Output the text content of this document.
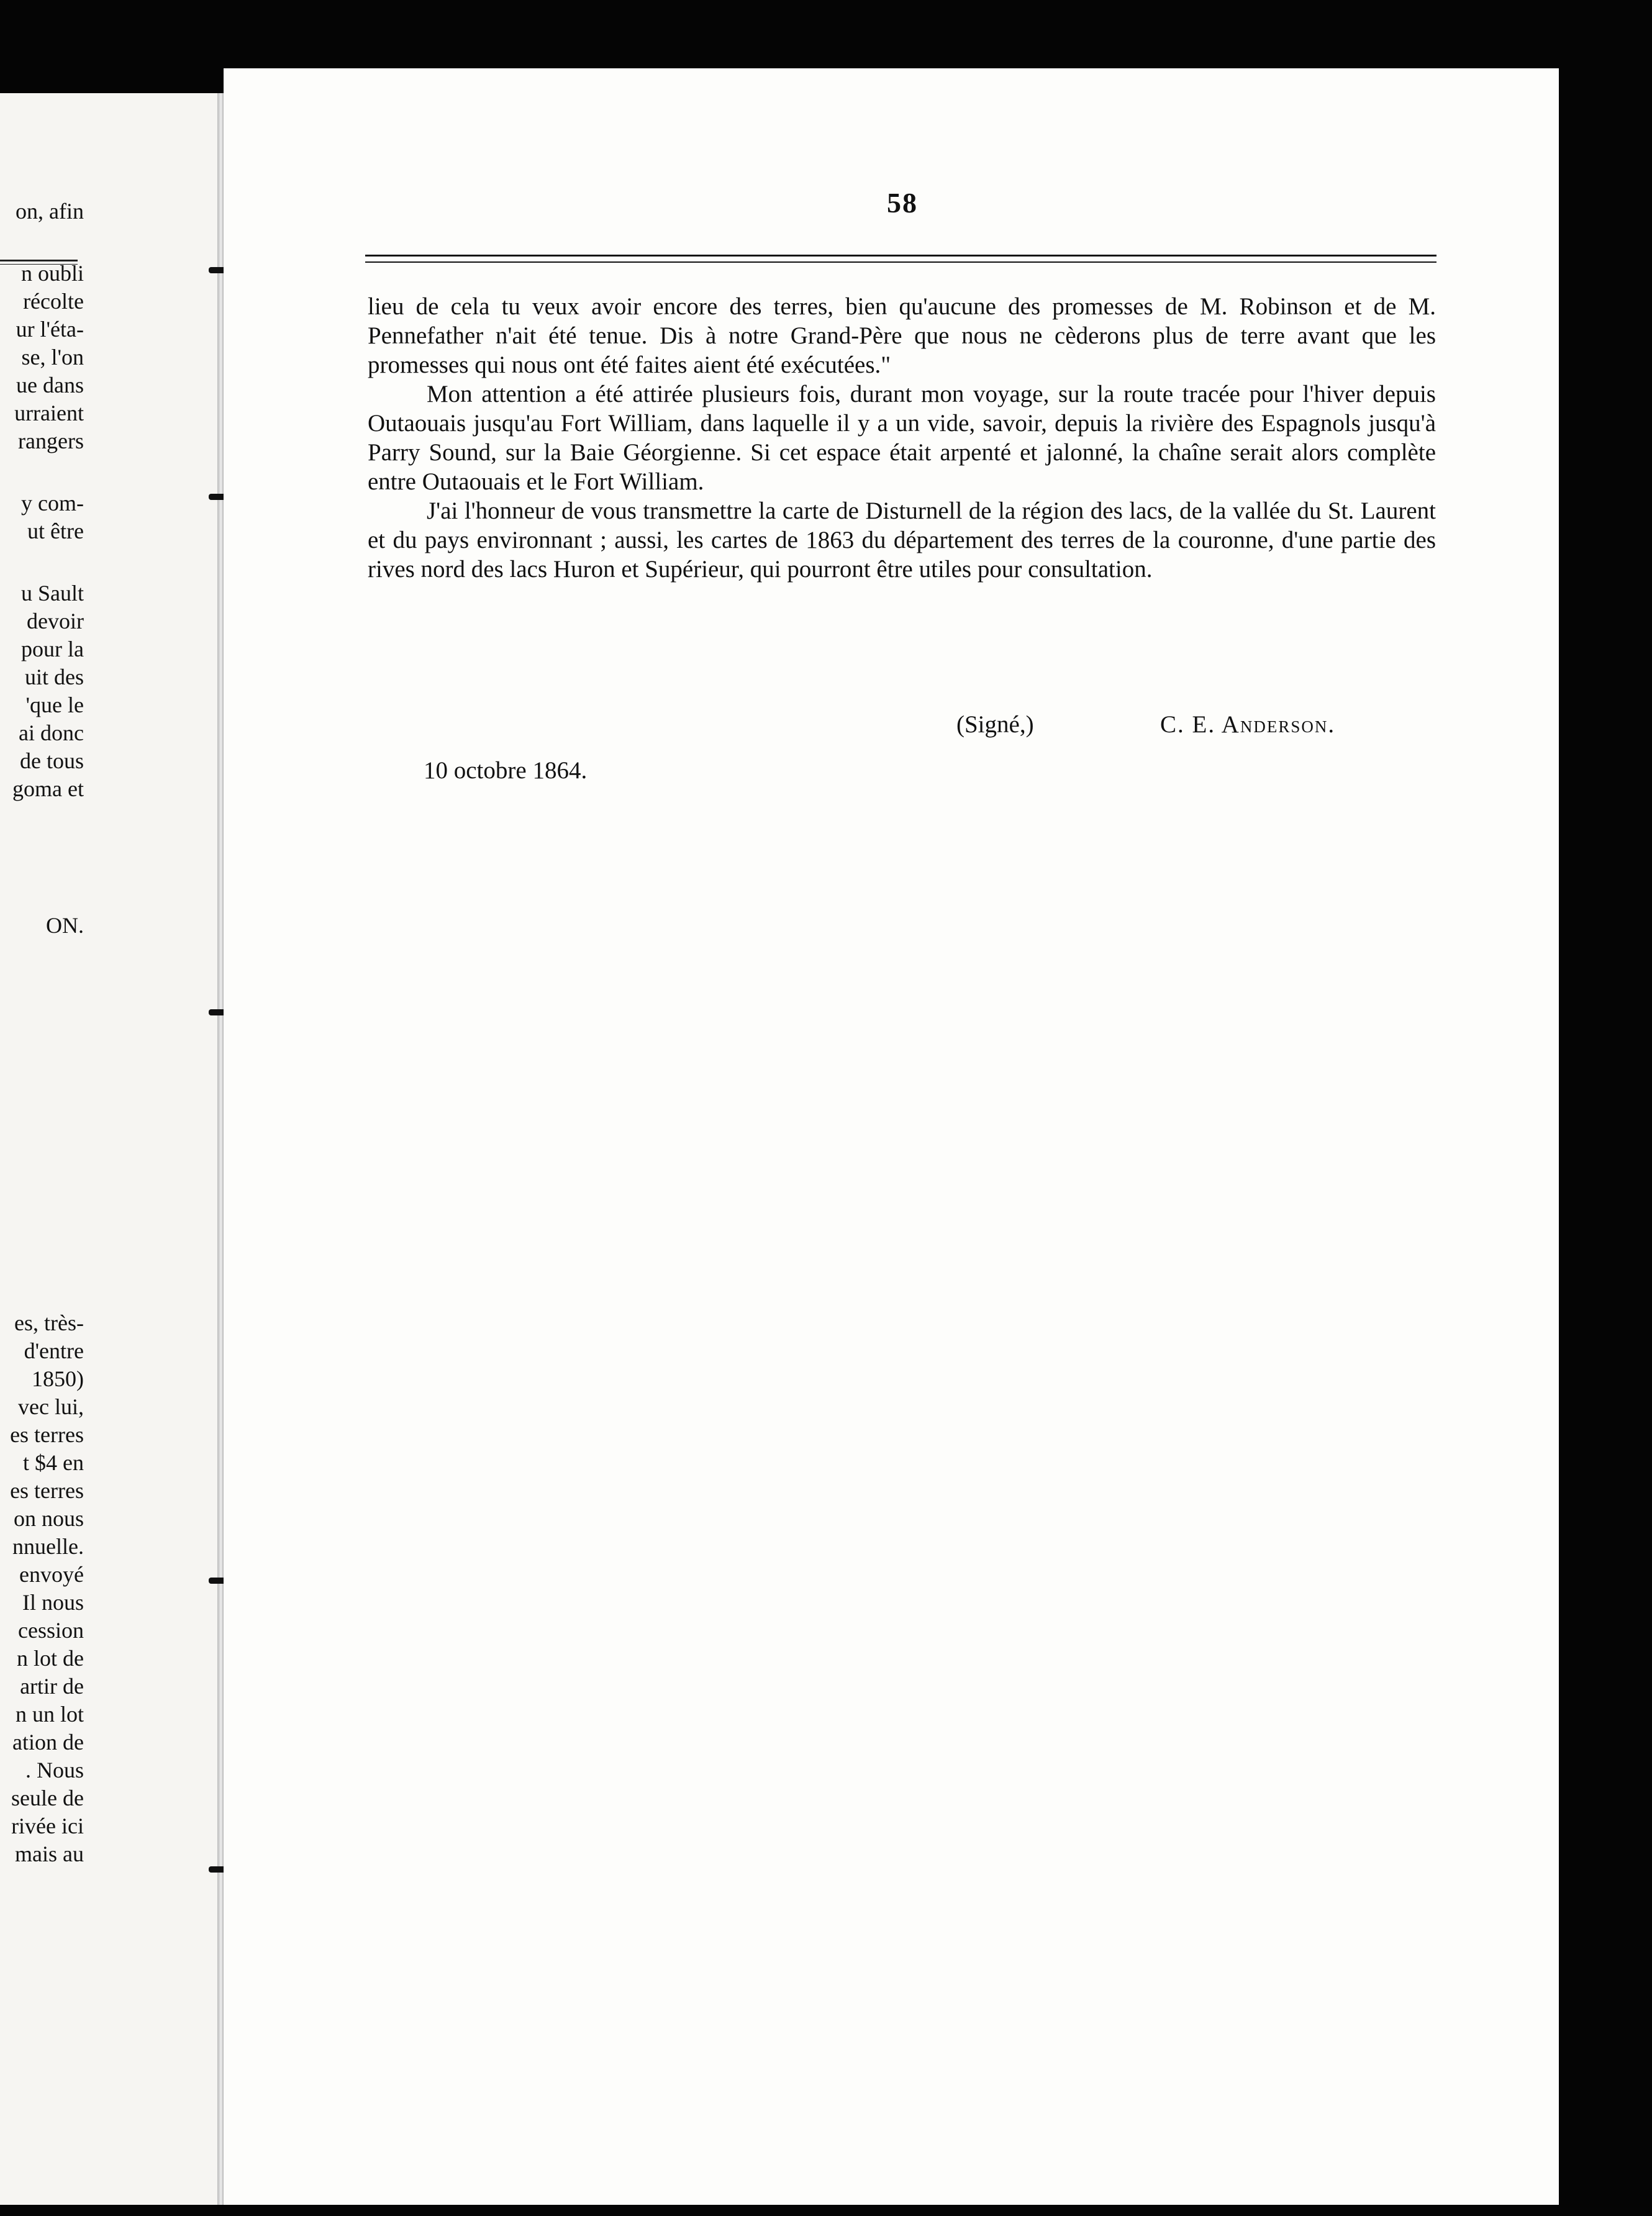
on, afin
n oubli
récolte
ur l'éta-
se, l'on
ue dans
urraient
rangers
y com-
ut être
u Sault
devoir
pour la
uit des
'que le
ai donc
de tous
goma et
ON.
es, très-
d'entre
1850)
vec lui,
es terres
t $4 en
es terres
on nous
nnuelle.
envoyé
Il nous
cession
n lot de
artir de
n un lot
ation de
. Nous
seule de
rivée ici
mais au
58

lieu de cela tu veux avoir encore des terres, bien qu'aucune des promesses de M. Robinson et de M. Pennefather n'ait été tenue. Dis à notre Grand-Père que nous ne cèderons plus de terre avant que les promesses qui nous ont été faites aient été exécutées."

Mon attention a été attirée plusieurs fois, durant mon voyage, sur la route tracée pour l'hiver depuis Outaouais jusqu'au Fort William, dans laquelle il y a un vide, savoir, depuis la rivière des Espagnols jusqu'à Parry Sound, sur la Baie Géorgienne. Si cet espace était arpenté et jalonné, la chaîne serait alors complète entre Outaouais et le Fort William.

J'ai l'honneur de vous transmettre la carte de Disturnell de la région des lacs, de la vallée du St. Laurent et du pays environnant ; aussi, les cartes de 1863 du département des terres de la couronne, d'une partie des rives nord des lacs Huron et Supérieur, qui pourront être utiles pour consultation.

(Signé,)	C. E. Anderson.
10 octobre 1864.
